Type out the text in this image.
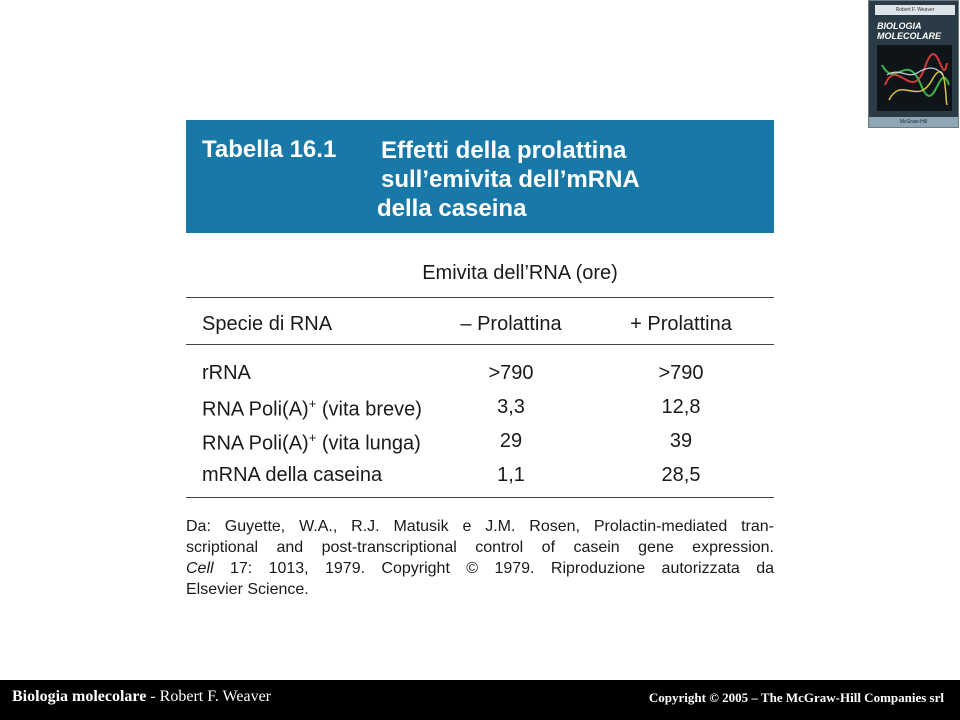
Robert F. Weaver
BIOLOGIA
MOLECOLARE
McGraw-Hill
Tabella 16.1 Effetti della prolattina
sull’emivita dell’mRNA
della caseina
Emivita dell’RNA (ore)
Specie di RNA	– Prolattina	+ Prolattina
rRNA	>790	>790
RNA Poli(A)+ (vita breve)	3,3	12,8
RNA Poli(A)+ (vita lunga)	29	39
mRNA della caseina	1,1	28,5
Da: Guyette, W.A., R.J. Matusik e J.M. Rosen, Prolactin-mediated tran-
scriptional and post-transcriptional control of casein gene expression.
Cell 17: 1013, 1979. Copyright © 1979. Riproduzione autorizzata da
Elsevier Science.
Biologia molecolare - Robert F. Weaver	Copyright © 2005 – The McGraw-Hill Companies srl
